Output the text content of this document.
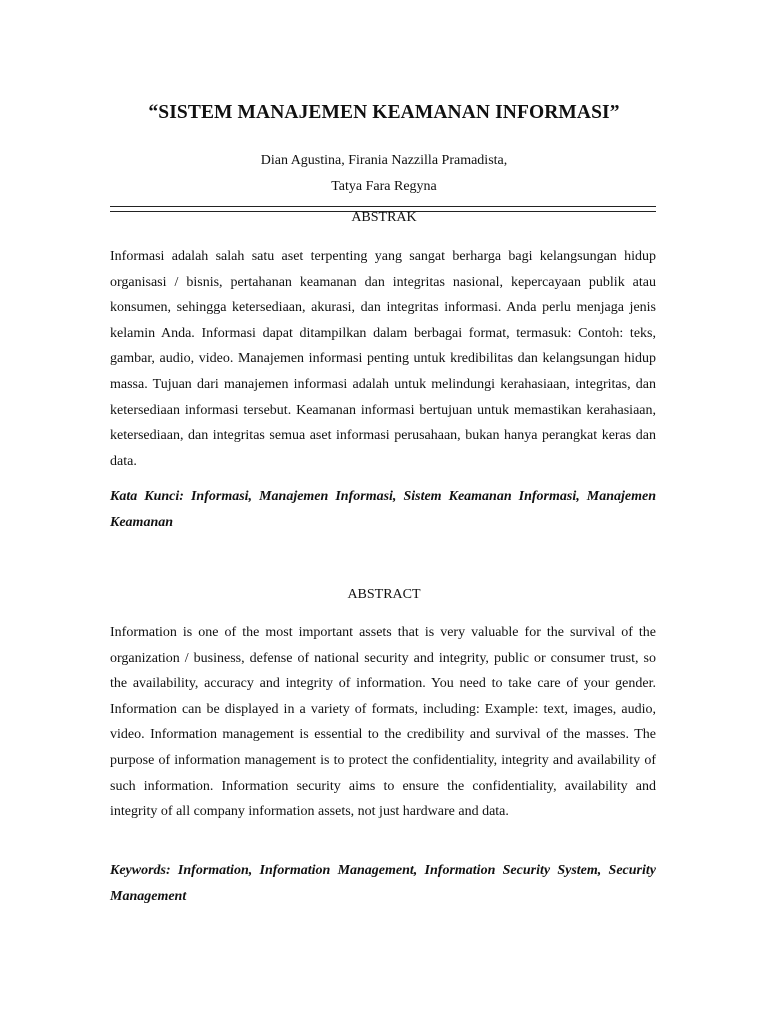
“SISTEM MANAJEMEN KEAMANAN INFORMASI”
Dian Agustina, Firania Nazzilla Pramadista,
Tatya Fara Regyna
ABSTRAK

Informasi adalah salah satu aset terpenting yang sangat berharga bagi kelangsungan hidup organisasi / bisnis, pertahanan keamanan dan integritas nasional, kepercayaan publik atau konsumen, sehingga ketersediaan, akurasi, dan integritas informasi. Anda perlu menjaga jenis kelamin Anda. Informasi dapat ditampilkan dalam berbagai format, termasuk: Contoh: teks, gambar, audio, video. Manajemen informasi penting untuk kredibilitas dan kelangsungan hidup massa. Tujuan dari manajemen informasi adalah untuk melindungi kerahasiaan, integritas, dan ketersediaan informasi tersebut. Keamanan informasi bertujuan untuk memastikan kerahasiaan, ketersediaan, dan integritas semua aset informasi perusahaan, bukan hanya perangkat keras dan data.

Kata Kunci: Informasi, Manajemen Informasi, Sistem Keamanan Informasi, Manajemen Keamanan

ABSTRACT

Information is one of the most important assets that is very valuable for the survival of the organization / business, defense of national security and integrity, public or consumer trust, so the availability, accuracy and integrity of information. You need to take care of your gender. Information can be displayed in a variety of formats, including: Example: text, images, audio, video. Information management is essential to the credibility and survival of the masses. The purpose of information management is to protect the confidentiality, integrity and availability of such information. Information security aims to ensure the confidentiality, availability and integrity of all company information assets, not just hardware and data.

Keywords: Information, Information Management, Information Security System, Security Management
